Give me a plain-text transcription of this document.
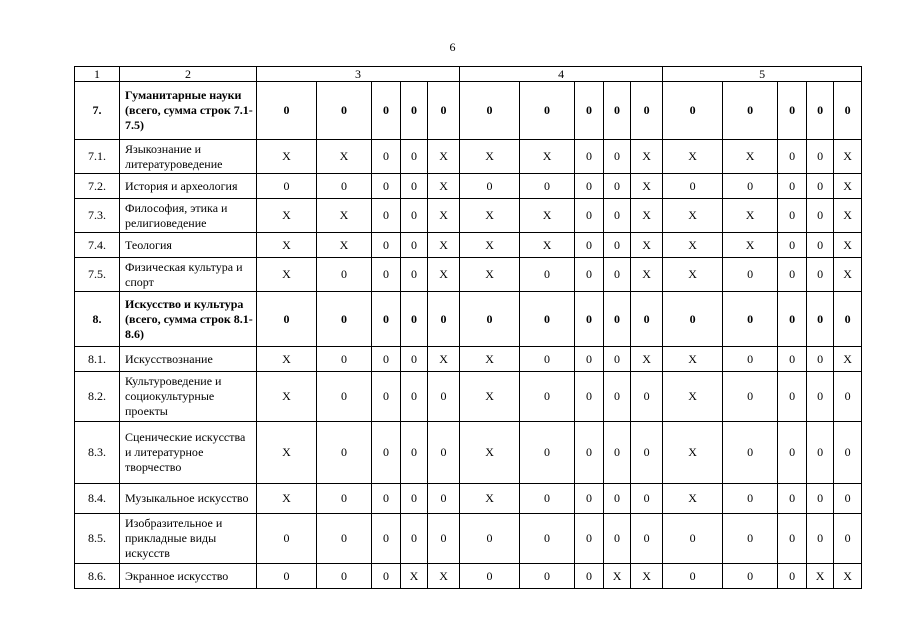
6
1	2	3					4					5				
7.	Гуманитарные науки (всего, сумма строк 7.1- 7.5)	0	0	0	0	0	0	0	0	0	0	0	0	0	0	0
7.1.	Языкознание и литературоведение	X	X	0	0	X	X	X	0	0	X	X	X	0	0	X
7.2.	История и археология	0	0	0	0	X	0	0	0	0	X	0	0	0	0	X
7.3.	Философия, этика и религиоведение	X	X	0	0	X	X	X	0	0	X	X	X	0	0	X
7.4.	Теология	X	X	0	0	X	X	X	0	0	X	X	X	0	0	X
7.5.	Физическая культура и спорт	X	0	0	0	X	X	0	0	0	X	X	0	0	0	X
8.	Искусство и культура (всего, сумма строк 8.1- 8.6)	0	0	0	0	0	0	0	0	0	0	0	0	0	0	0
8.1.	Искусствознание	X	0	0	0	X	X	0	0	0	X	X	0	0	0	X
8.2.	Культуроведение и социокультурные проекты	X	0	0	0	0	X	0	0	0	0	X	0	0	0	0
8.3.	Сценические искусства и литературное творчество	X	0	0	0	0	X	0	0	0	0	X	0	0	0	0
8.4.	Музыкальное искусство	X	0	0	0	0	X	0	0	0	0	X	0	0	0	0
8.5.	Изобразительное и прикладные виды искусств	0	0	0	0	0	0	0	0	0	0	0	0	0	0	0
8.6.	Экранное искусство	0	0	0	X	X	0	0	0	X	X	0	0	0	X	X
